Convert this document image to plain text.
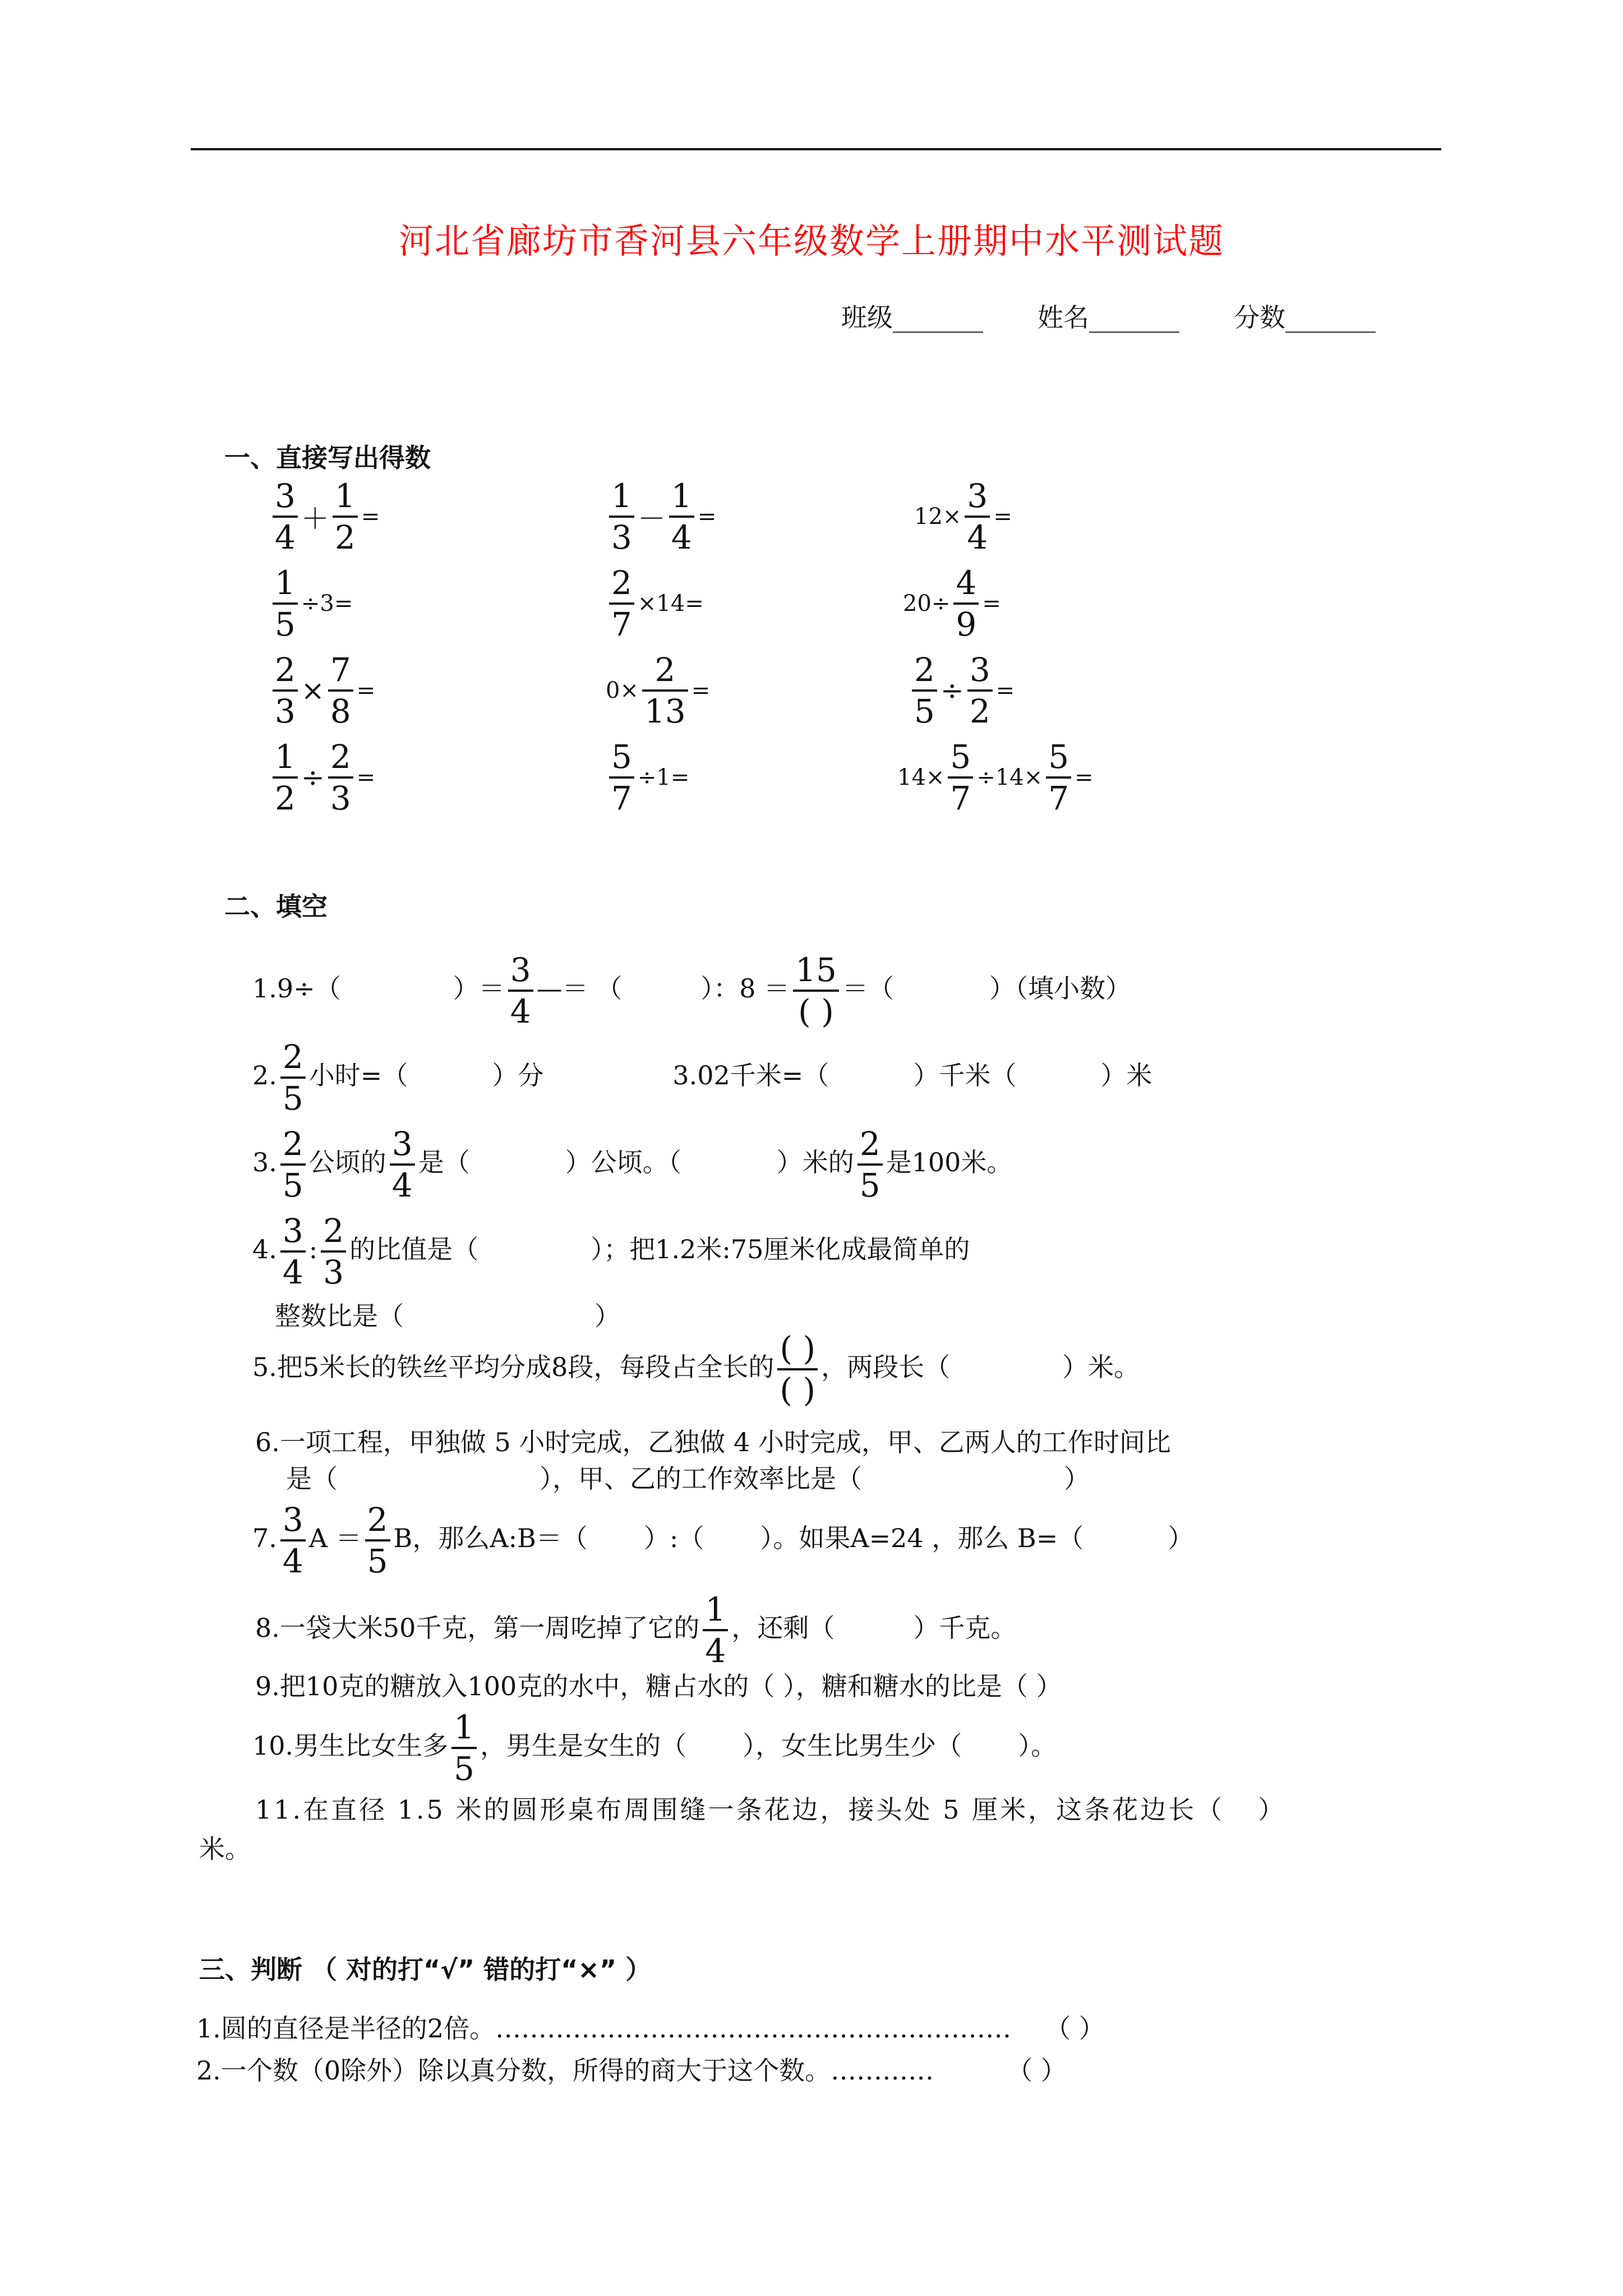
河北省廊坊市香河县六年级数学上册期中水平测试题
班级_______ 姓名_______ 分数_______
一、直接写出得数
$\frac{3}{4} + \frac{1}{2}$ =	$\frac{1}{3} - \frac{1}{4}$ =	$12\times \frac{3}{4}$ =
$\frac{1}{5} \div 3=$	$\frac{2}{7} \times 14=$	$20\div \frac{4}{9}$ =
$\frac{2}{3} \times \frac{7}{8}$ =	$0\times \frac{2}{13}$ =	$\frac{2}{5} \div \frac{3}{2}$ =
$\frac{1}{2} \div \frac{2}{3}$ =	$\frac{5}{7} \div 1=$	$14\times \frac{5}{7} \div 14\times \frac{5}{7}$ =
二、填空
1.9÷（	）＝ $\frac{3}{4}$ —＝ （	）：$8 = \frac{15}{( )}$ ＝（	）（填小数）
2. $\frac{2}{5}$ 小时=（	）分	3.02千米=（	）千米（	）米
3. $\frac{2}{5}$ 公顷的 $\frac{3}{4}$ 是（	）公顷。（	）米的 $\frac{2}{5}$ 是100米。
4. $\frac{3}{4}$ : $\frac{2}{3}$ 的比值是（	）；把1.2米:75厘米化成最简单的
整数比是（	）
5.把5米长的铁丝平均分成8段，每段占全长的 $\frac{( )}{( )}$ ，两段长（	）米。
6.一项工程，甲独做 5 小时完成，乙独做 4 小时完成，甲、乙两人的工作时间比
是（	），甲、乙的工作效率比是（	）
7. $\frac{3}{4}$ $A = \frac{2}{5}$ B，那么A:B＝（ ）:（ ）。如果A=24 ，那么 B=（	）
8.一袋大米50千克，第一周吃掉了它的 $\frac{1}{4}$ ，还剩（	）千克。
9.把10克的糖放入100克的水中，糖占水的（ ），糖和糖水的比是（ ）
10.男生比女生多 $\frac{1}{5}$ ，男生是女生的（ ），女生比男生少（ ）。
11.在直径 1.5 米的圆形桌布周围缝一条花边，接头处 5 厘米，这条花边长（ ）
米。
三、判断 （ 对的打“√” 错的打“×” ）
1.圆的直径是半径的2倍。…………………………………………………… （ ）
2.一个数（0除外）除以真分数，所得的商大于这个数。…………	（ ）
